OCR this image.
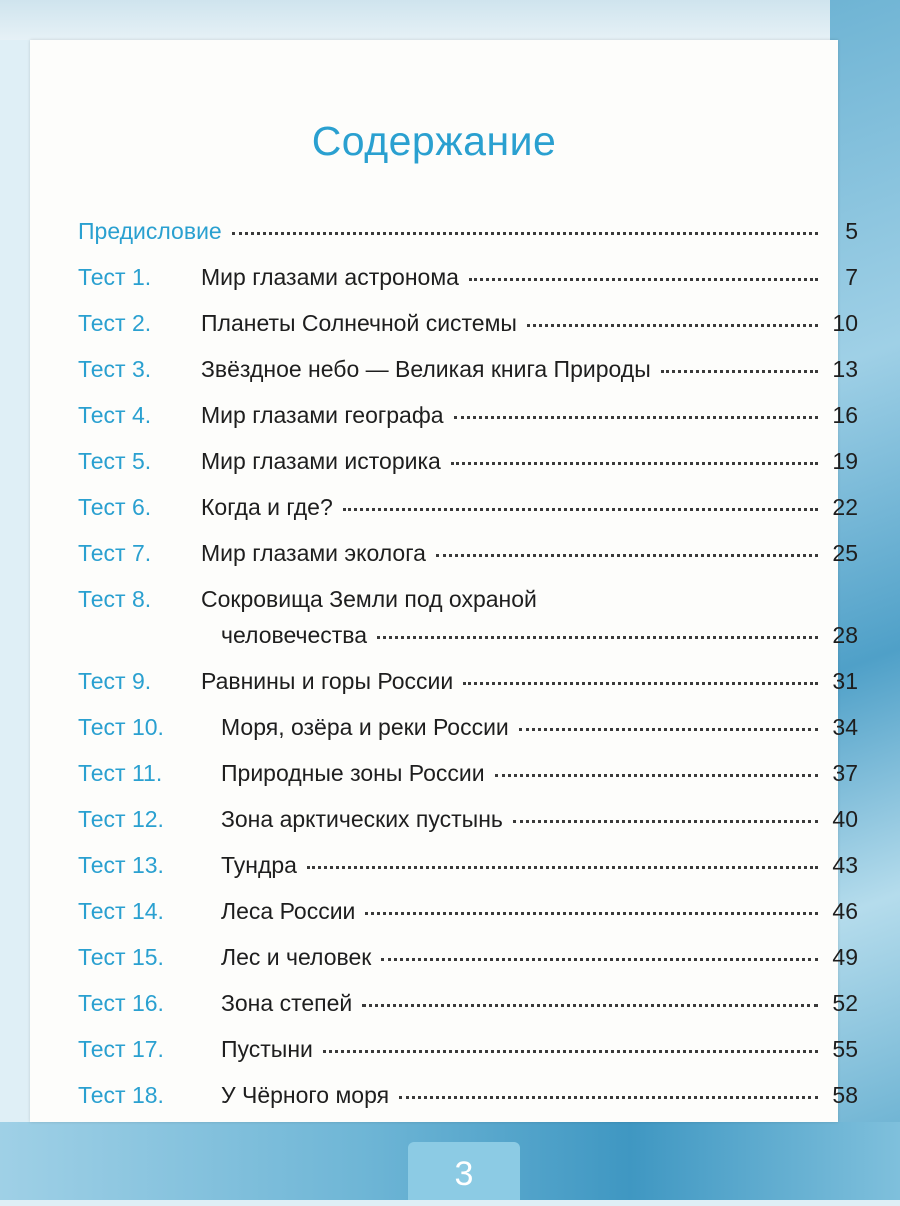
Содержание
Предисловие	5
Тест 1.	Мир глазами астронома	7
Тест 2.	Планеты Солнечной системы	10
Тест 3.	Звёздное небо — Великая книга Природы	13
Тест 4.	Мир глазами географа	16
Тест 5.	Мир глазами историка	19
Тест 6.	Когда и где?	22
Тест 7.	Мир глазами эколога	25
Тест 8.	Сокровища Земли под охраной
человечества	28
Тест 9.	Равнины и горы России	31
Тест 10.	Моря, озёра и реки России	34
Тест 11.	Природные зоны России	37
Тест 12.	Зона арктических пустынь	40
Тест 13.	Тундра	43
Тест 14.	Леса России	46
Тест 15.	Лес и человек	49
Тест 16.	Зона степей	52
Тест 17.	Пустыни	55
Тест 18.	У Чёрного моря	58
3
